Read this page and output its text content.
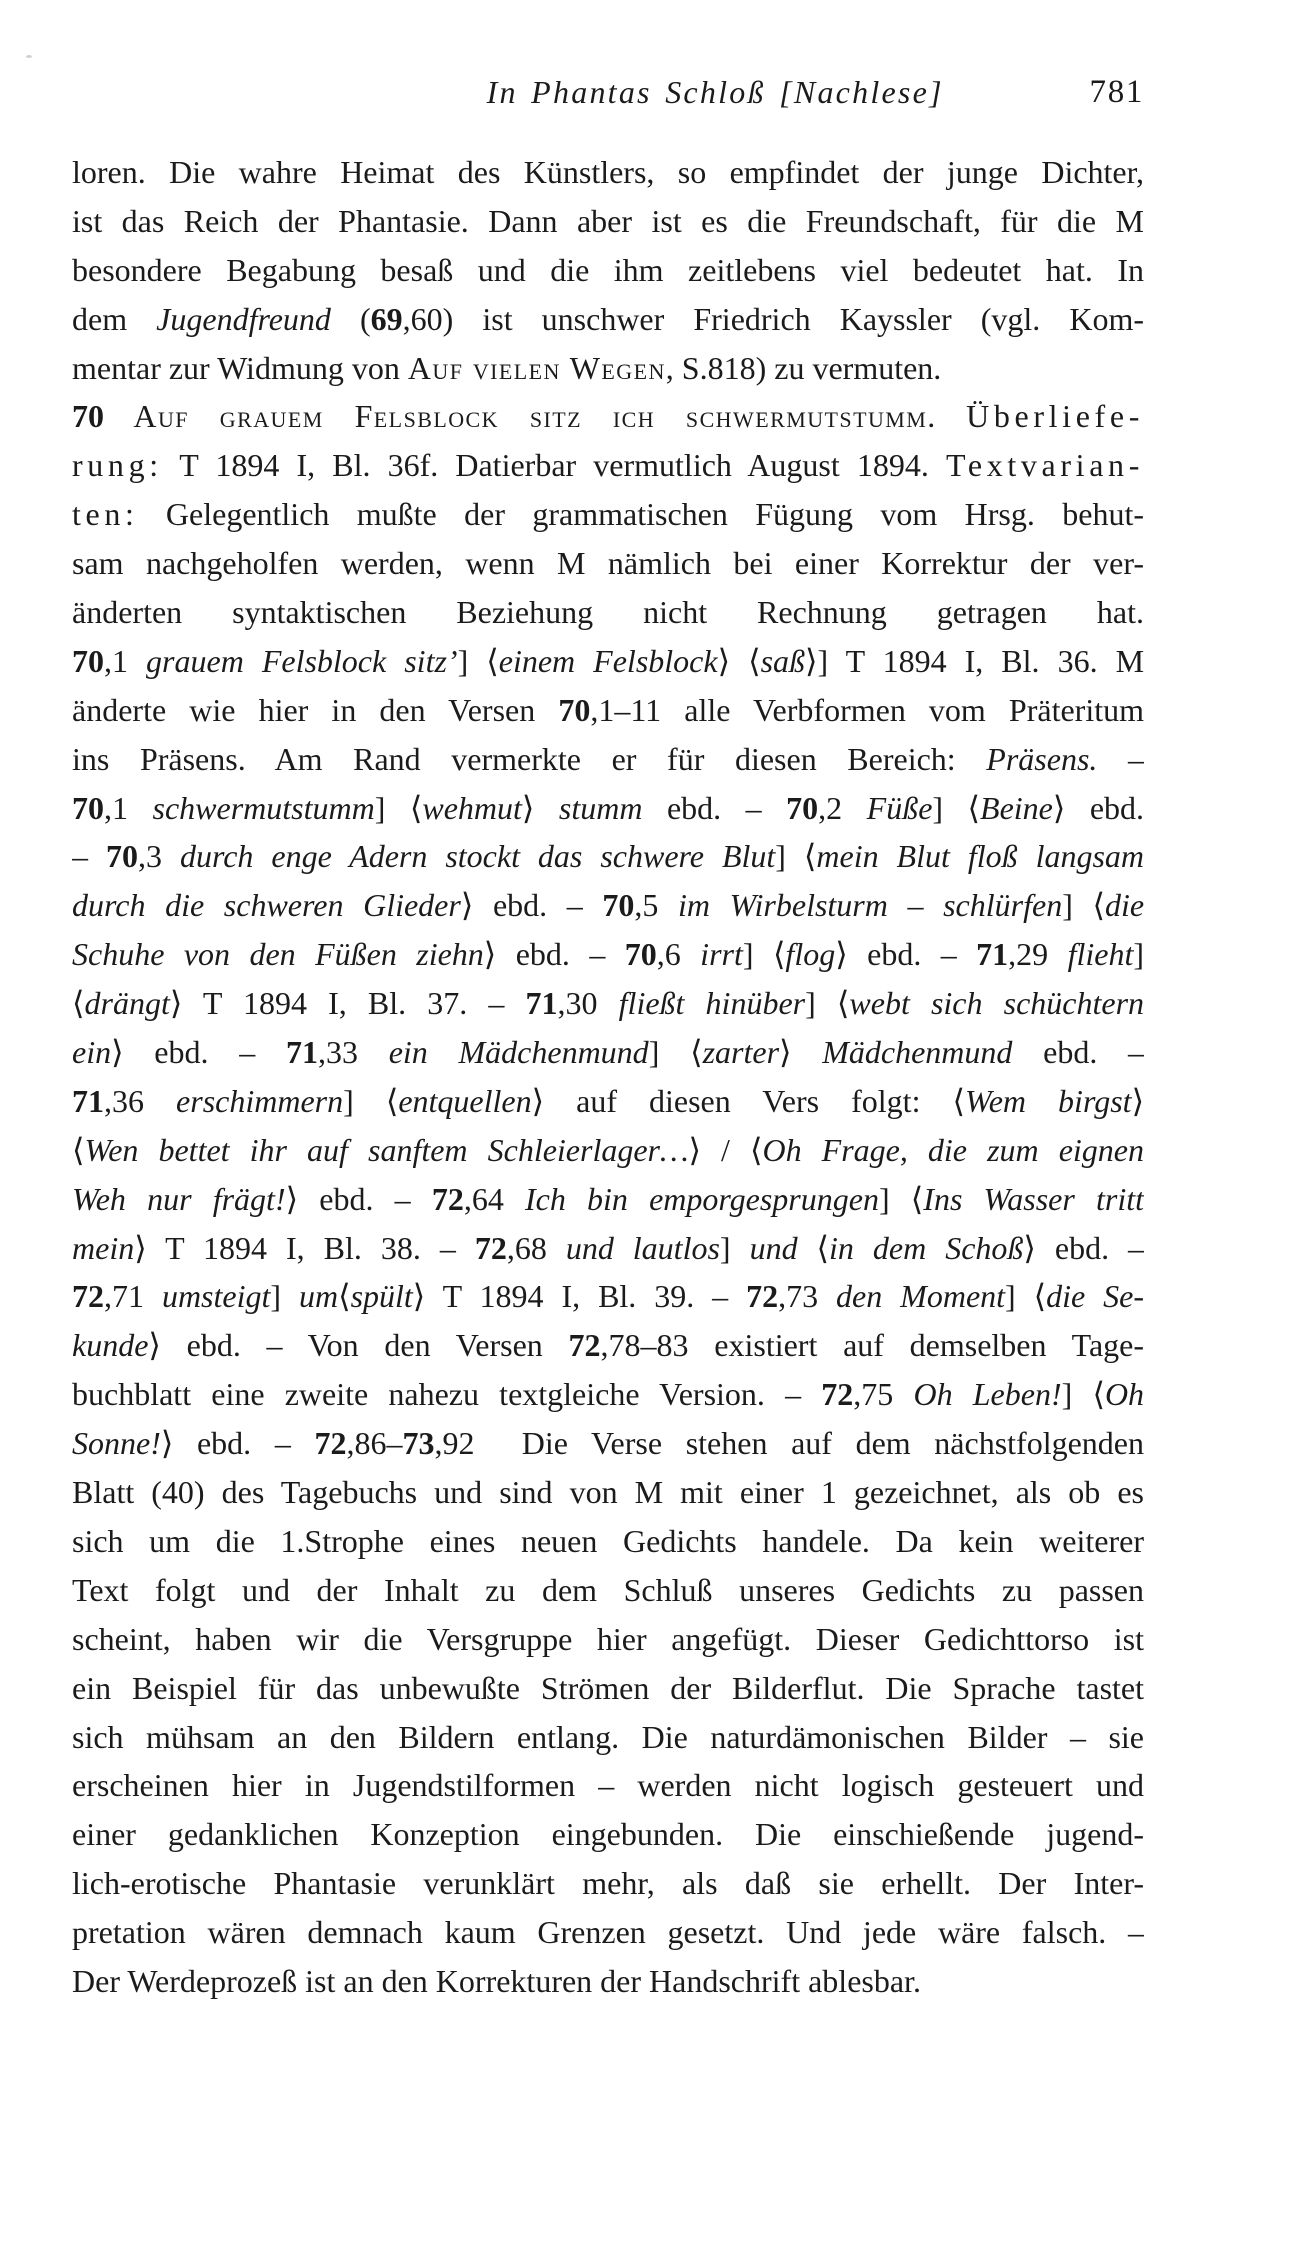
In Phantas Schloß [Nachlese]	781
loren. Die wahre Heimat des Künstlers, so empfindet der junge Dichter,
ist das Reich der Phantasie. Dann aber ist es die Freundschaft, für die M
besondere Begabung besaß und die ihm zeitlebens viel bedeutet hat. In
dem Jugendfreund (69,60) ist unschwer Friedrich Kayssler (vgl. Kom-
mentar zur Widmung von Auf vielen Wegen, S.818) zu vermuten.
70 Auf grauem Felsblock sitz ich schwermutstumm. Überliefe-
rung: T 1894 I, Bl. 36f. Datierbar vermutlich August 1894. Textvarian-
ten: Gelegentlich mußte der grammatischen Fügung vom Hrsg. behut-
sam nachgeholfen werden, wenn M nämlich bei einer Korrektur der ver-
änderten syntaktischen Beziehung nicht Rechnung getragen hat.
70,1 grauem Felsblock sitz’] ⟨einem Felsblock⟩ ⟨saß⟩] T 1894 I, Bl. 36. M
änderte wie hier in den Versen 70,1–11 alle Verbformen vom Präteritum
ins Präsens. Am Rand vermerkte er für diesen Bereich: Präsens. –
70,1 schwermutstumm] ⟨wehmut⟩ stumm ebd. – 70,2 Füße] ⟨Beine⟩ ebd.
– 70,3 durch enge Adern stockt das schwere Blut] ⟨mein Blut floß langsam
durch die schweren Glieder⟩ ebd. – 70,5 im Wirbelsturm – schlürfen] ⟨die
Schuhe von den Füßen ziehn⟩ ebd. – 70,6 irrt] ⟨flog⟩ ebd. – 71,29 flieht]
⟨drängt⟩ T 1894 I, Bl. 37. – 71,30 fließt hinüber] ⟨webt sich schüchtern
ein⟩ ebd. – 71,33 ein Mädchenmund] ⟨zarter⟩ Mädchenmund ebd. –
71,36 erschimmern] ⟨entquellen⟩ auf diesen Vers folgt: ⟨Wem birgst⟩
⟨Wen bettet ihr auf sanftem Schleierlager…⟩ / ⟨Oh Frage, die zum eignen
Weh nur frägt!⟩ ebd. – 72,64 Ich bin emporgesprungen] ⟨Ins Wasser tritt
mein⟩ T 1894 I, Bl. 38. – 72,68 und lautlos] und ⟨in dem Schoß⟩ ebd. –
72,71 umsteigt] um⟨spült⟩ T 1894 I, Bl. 39. – 72,73 den Moment] ⟨die Se-
kunde⟩ ebd. – Von den Versen 72,78–83 existiert auf demselben Tage-
buchblatt eine zweite nahezu textgleiche Version. – 72,75 Oh Leben!] ⟨Oh
Sonne!⟩ ebd. – 72,86–73,92  Die Verse stehen auf dem nächstfolgenden
Blatt (40) des Tagebuchs und sind von M mit einer 1 gezeichnet, als ob es
sich um die 1.Strophe eines neuen Gedichts handele. Da kein weiterer
Text folgt und der Inhalt zu dem Schluß unseres Gedichts zu passen
scheint, haben wir die Versgruppe hier angefügt. Dieser Gedichttorso ist
ein Beispiel für das unbewußte Strömen der Bilderflut. Die Sprache tastet
sich mühsam an den Bildern entlang. Die naturdämonischen Bilder – sie
erscheinen hier in Jugendstilformen – werden nicht logisch gesteuert und
einer gedanklichen Konzeption eingebunden. Die einschießende jugend-
lich-erotische Phantasie verunklärt mehr, als daß sie erhellt. Der Inter-
pretation wären demnach kaum Grenzen gesetzt. Und jede wäre falsch. –
Der Werdeprozeß ist an den Korrekturen der Handschrift ablesbar.
